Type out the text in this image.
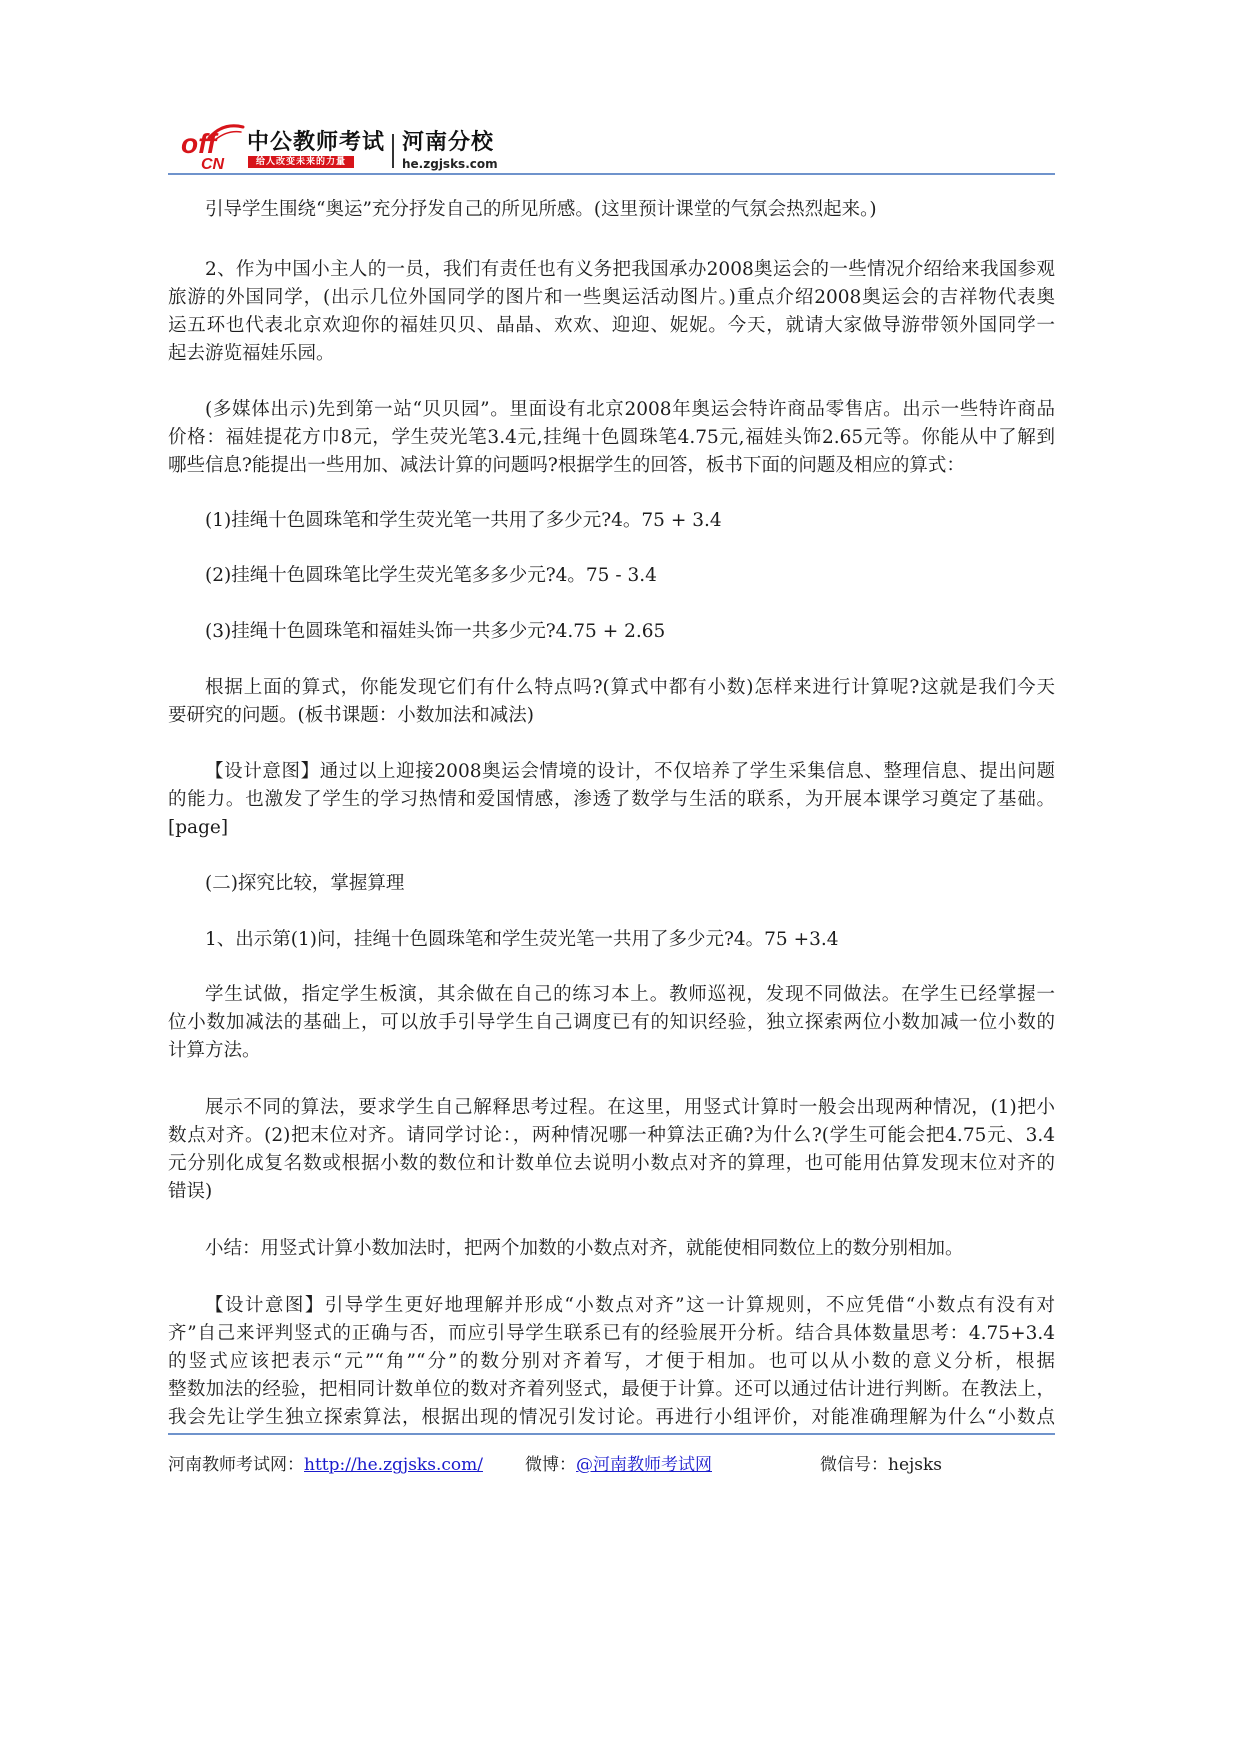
off
CN
中公教师考试
给人改变未来的力量
河南分校
he.zgjsks.com
引导学生围绕“奥运”充分抒发自己的所见所感。(这里预计课堂的气氛会热烈起来。)
2、作为中国小主人的一员，我们有责任也有义务把我国承办2008奥运会的一些情况介绍给来我国参观
旅游的外国同学，(出示几位外国同学的图片和一些奥运活动图片。)重点介绍2008奥运会的吉祥物代表奥
运五环也代表北京欢迎你的福娃贝贝、晶晶、欢欢、迎迎、妮妮。今天，就请大家做导游带领外国同学一
起去游览福娃乐园。
(多媒体出示)先到第一站“贝贝园”。里面设有北京2008年奥运会特许商品零售店。出示一些特许商品
价格：福娃提花方巾8元，学生荧光笔3.4元,挂绳十色圆珠笔4.75元,福娃头饰2.65元等。你能从中了解到
哪些信息?能提出一些用加、减法计算的问题吗?根据学生的回答，板书下面的问题及相应的算式：
(1)挂绳十色圆珠笔和学生荧光笔一共用了多少元?4。75 + 3.4
(2)挂绳十色圆珠笔比学生荧光笔多多少元?4。75 - 3.4
(3)挂绳十色圆珠笔和福娃头饰一共多少元?4.75 + 2.65
根据上面的算式，你能发现它们有什么特点吗?(算式中都有小数)怎样来进行计算呢?这就是我们今天
要研究的问题。(板书课题：小数加法和减法)
【设计意图】通过以上迎接2008奥运会情境的设计，不仅培养了学生采集信息、整理信息、提出问题
的能力。也激发了学生的学习热情和爱国情感，渗透了数学与生活的联系，为开展本课学习奠定了基础。
[page]
(二)探究比较，掌握算理
1、出示第(1)问，挂绳十色圆珠笔和学生荧光笔一共用了多少元?4。75 +3.4
学生试做，指定学生板演，其余做在自己的练习本上。教师巡视，发现不同做法。在学生已经掌握一
位小数加减法的基础上，可以放手引导学生自己调度已有的知识经验，独立探索两位小数加减一位小数的
计算方法。
展示不同的算法，要求学生自己解释思考过程。在这里，用竖式计算时一般会出现两种情况，(1)把小
数点对齐。(2)把末位对齐。请同学讨论：，两种情况哪一种算法正确?为什么?(学生可能会把4.75元、3.4
元分别化成复名数或根据小数的数位和计数单位去说明小数点对齐的算理，也可能用估算发现末位对齐的
错误)
小结：用竖式计算小数加法时，把两个加数的小数点对齐，就能使相同数位上的数分别相加。
【设计意图】引导学生更好地理解并形成“小数点对齐”这一计算规则，不应凭借“小数点有没有对
齐”自己来评判竖式的正确与否，而应引导学生联系已有的经验展开分析。结合具体数量思考：4.75+3.4
的竖式应该把表示“元”“角”“分”的数分别对齐着写，才便于相加。也可以从小数的意义分析，根据
整数加法的经验，把相同计数单位的数对齐着列竖式，最便于计算。还可以通过估计进行判断。在教法上，
我会先让学生独立探索算法，根据出现的情况引发讨论。再进行小组评价，对能准确理解为什么“小数点
河南教师考试网：http://he.zgjsks.com/ 微博：@河南教师考试网	微信号：hejsks
